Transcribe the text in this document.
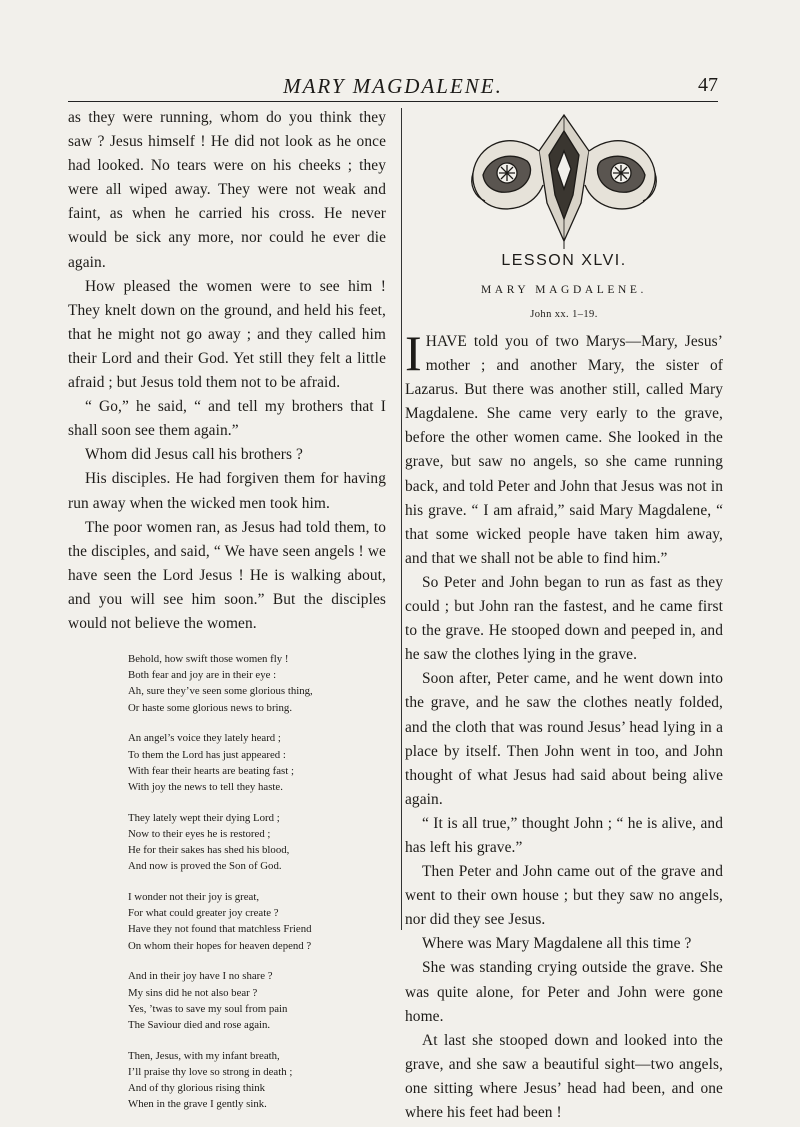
MARY MAGDALENE.	47

as they were running, whom do you think they saw ? Jesus himself ! He did not look as he once had looked. No tears were on his cheeks ; they were all wiped away. They were not weak and faint, as when he carried his cross. He never would be sick any more, nor could he ever die again.

How pleased the women were to see him ! They knelt down on the ground, and held his feet, that he might not go away ; and they called him their Lord and their God. Yet still they felt a little afraid ; but Jesus told them not to be afraid.

“ Go,” he said, “ and tell my brothers that I shall soon see them again.”

Whom did Jesus call his brothers ?

His disciples. He had forgiven them for having run away when the wicked men took him.

The poor women ran, as Jesus had told them, to the disciples, and said, “ We have seen angels ! we have seen the Lord Jesus ! He is walking about, and you will see him soon.” But the disciples would not believe the women.

Behold, how swift those women fly !
Both fear and joy are in their eye :
Ah, sure they’ve seen some glorious thing,
Or haste some glorious news to bring.
An angel’s voice they lately heard ;
To them the Lord has just appeared :
With fear their hearts are beating fast ;
With joy the news to tell they haste.
They lately wept their dying Lord ;
Now to their eyes he is restored ;
He for their sakes has shed his blood,
And now is proved the Son of God.
I wonder not their joy is great,
For what could greater joy create ?
Have they not found that matchless Friend
On whom their hopes for heaven depend ?
And in their joy have I no share ?
My sins did he not also bear ?
Yes, ’twas to save my soul from pain
The Saviour died and rose again.
Then, Jesus, with my infant breath,
I’ll praise thy love so strong in death ;
And of thy glorious rising think
When in the grave I gently sink.
LESSON XLVI.
MARY MAGDALENE.
John xx. 1–19.

IHAVE told you of two Marys—Mary, Jesus’ mother ; and another Mary, the sister of Lazarus. But there was another still, called Mary Magdalene. She came very early to the grave, before the other women came. She looked in the grave, but saw no angels, so she came running back, and told Peter and John that Jesus was not in his grave. “ I am afraid,” said Mary Magdalene, “ that some wicked people have taken him away, and that we shall not be able to find him.”

So Peter and John began to run as fast as they could ; but John ran the fastest, and he came first to the grave. He stooped down and peeped in, and he saw the clothes lying in the grave.

Soon after, Peter came, and he went down into the grave, and he saw the clothes neatly folded, and the cloth that was round Jesus’ head lying in a place by itself. Then John went in too, and John thought of what Jesus had said about being alive again.

“ It is all true,” thought John ; “ he is alive, and has left his grave.”

Then Peter and John came out of the grave and went to their own house ; but they saw no angels, nor did they see Jesus.

Where was Mary Magdalene all this time ?

She was standing crying outside the grave. She was quite alone, for Peter and John were gone home.

At last she stooped down and looked into the grave, and she saw a beautiful sight—two angels, one sitting where Jesus’ head had been, and one where his feet had been !
